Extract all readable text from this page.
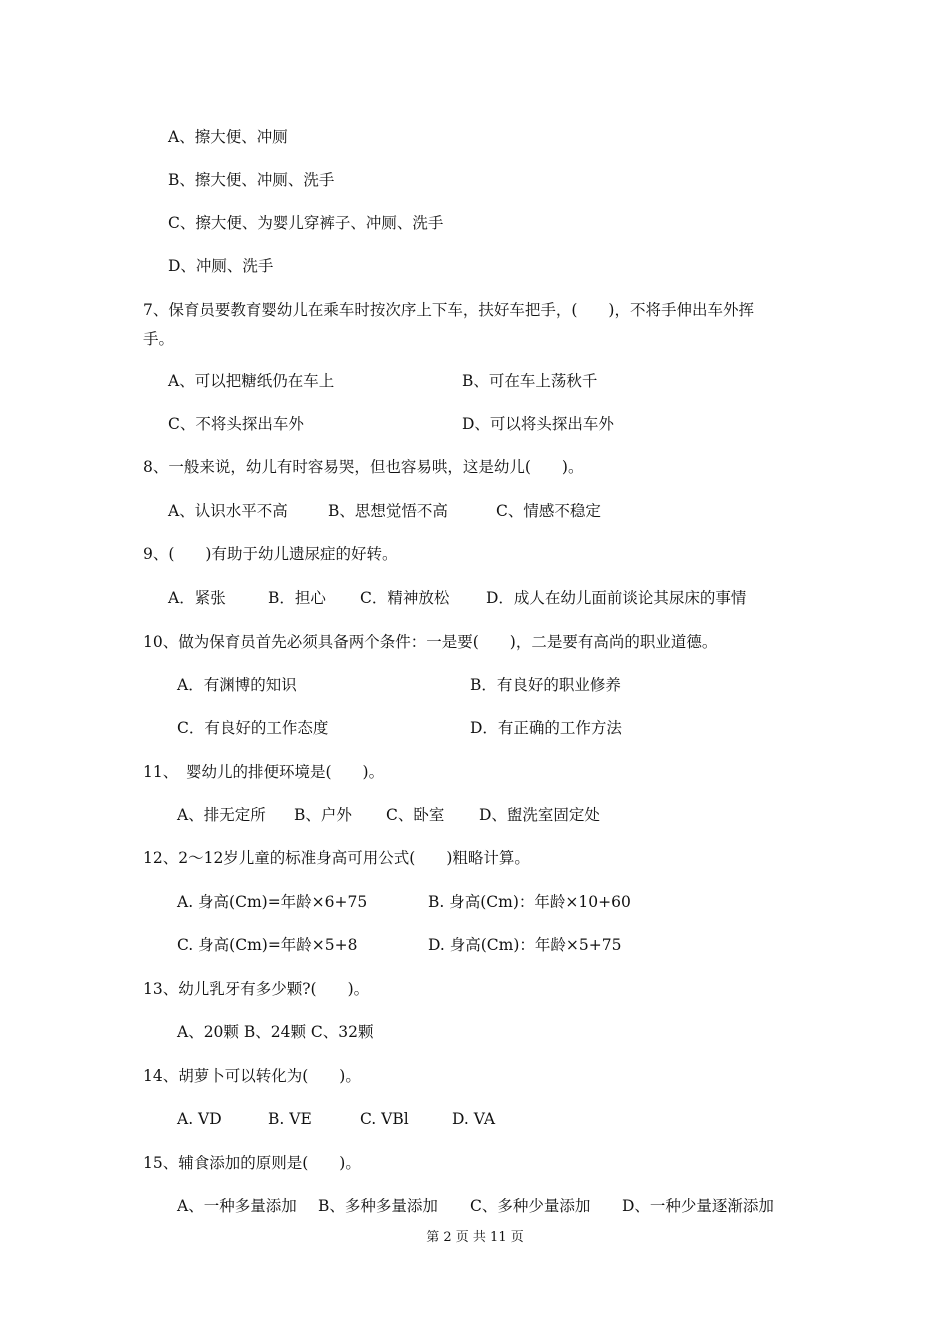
A、擦大便、冲厕
B、擦大便、冲厕、洗手
C、擦大便、为婴儿穿裤子、冲厕、洗手
D、冲厕、洗手
7、保育员要教育婴幼儿在乘车时按次序上下车，扶好车把手，(　　)，不将手伸出车外挥
手。
A、可以把糖纸仍在车上	B、可在车上荡秋千
C、不将头探出车外	D、可以将头探出车外
8、一般来说，幼儿有时容易哭，但也容易哄，这是幼儿(　　)。
A、认识水平不高	B、思想觉悟不高	C、情感不稳定
9、(　　)有助于幼儿遗尿症的好转。
A．紧张	B．担心 C．精神放松 D．成人在幼儿面前谈论其尿床的事情
10、做为保育员首先必须具备两个条件：一是要(　　)，二是要有高尚的职业道德。
A．有渊博的知识	B．有良好的职业修养
C．有良好的工作态度	D．有正确的工作方法
11、　婴幼儿的排便环境是(　　)。
A、排无定所 B、户外 C、卧室 D、盥洗室固定处
12、2～12岁儿童的标准身高可用公式(　　)粗略计算。
A. 身高(Cm)=年龄×6+75	B. 身高(Cm)：年龄×10+60
C. 身高(Cm)=年龄×5+8	D. 身高(Cm)：年龄×5+75
13、幼儿乳牙有多少颗?(　　)。
A、20颗 B、24颗 C、32颗
14、胡萝卜可以转化为(　　)。
A. VD	B. VE	C. VBl	D. VA
15、辅食添加的原则是(　　)。
A、一种多量添加 B、多种多量添加 C、多种少量添加 D、一种少量逐渐添加
第 2 页 共 11 页
